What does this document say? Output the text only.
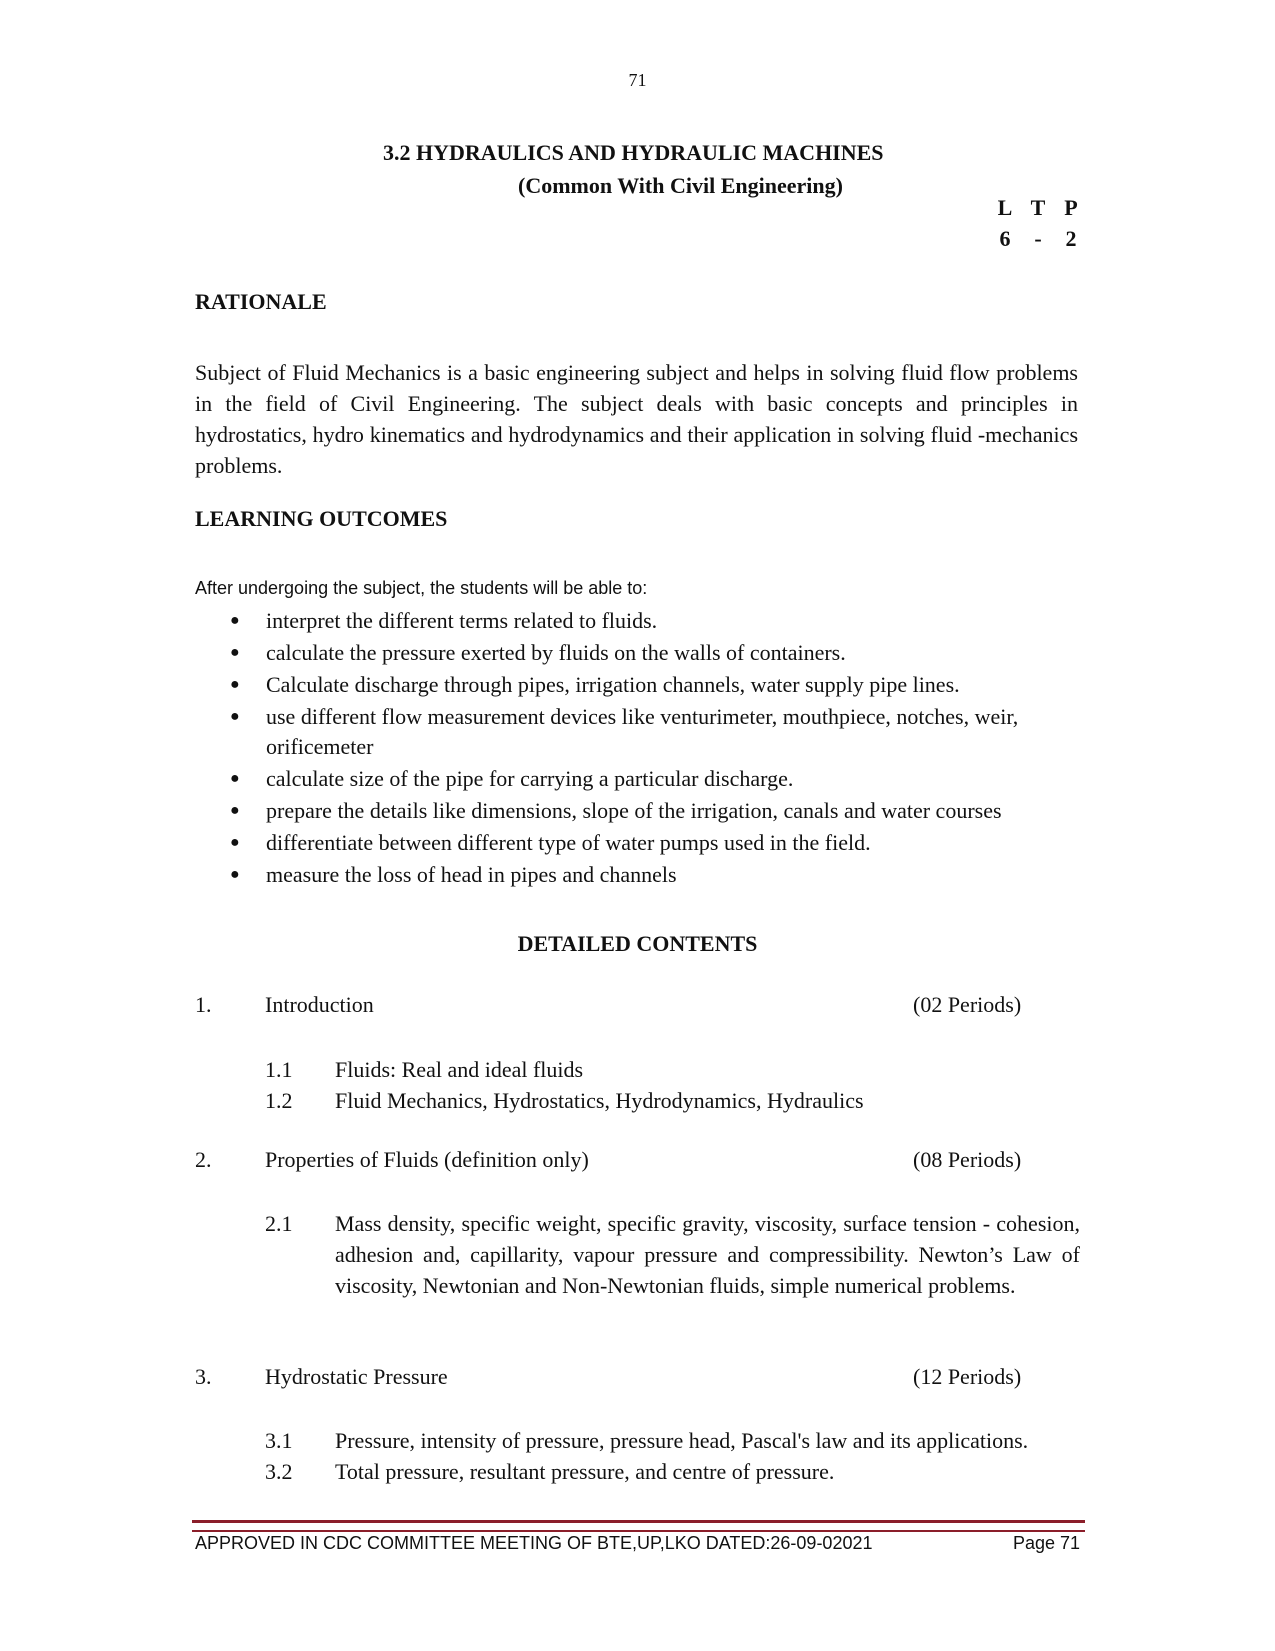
71
3.2 HYDRAULICS AND HYDRAULIC MACHINES
(Common With Civil Engineering)
L T P
6	-	2
RATIONALE
Subject of Fluid Mechanics is a basic engineering subject and helps in solving fluid flow problems in the field of Civil Engineering. The subject deals with basic concepts and principles in hydrostatics, hydro kinematics and hydrodynamics and their application in solving fluid -mechanics problems.
LEARNING OUTCOMES
After undergoing the subject, the students will be able to:
● interpret the different terms related to fluids.
● calculate the pressure exerted by fluids on the walls of containers.
● Calculate discharge through pipes, irrigation channels, water supply pipe lines.
● use different flow measurement devices like venturimeter, mouthpiece, notches, weir, orificemeter
● calculate size of the pipe for carrying a particular discharge.
● prepare the details like dimensions, slope of the irrigation, canals and water courses
● differentiate between different type of water pumps used in the field.
● measure the loss of head in pipes and channels
DETAILED CONTENTS
1. Introduction	(02 Periods)
1.1 Fluids: Real and ideal fluids
1.2 Fluid Mechanics, Hydrostatics, Hydrodynamics, Hydraulics
2. Properties of Fluids (definition only)	(08 Periods)
2.1 Mass density, specific weight, specific gravity, viscosity, surface tension - cohesion, adhesion and, capillarity, vapour pressure and compressibility. Newton’s Law of viscosity, Newtonian and Non-Newtonian fluids, simple numerical problems.
3. Hydrostatic Pressure	(12 Periods)
3.1 Pressure, intensity of pressure, pressure head, Pascal's law and its applications.
3.2 Total pressure, resultant pressure, and centre of pressure.
APPROVED IN CDC COMMITTEE MEETING OF BTE,UP,LKO DATED:26-09-02021	Page 71
